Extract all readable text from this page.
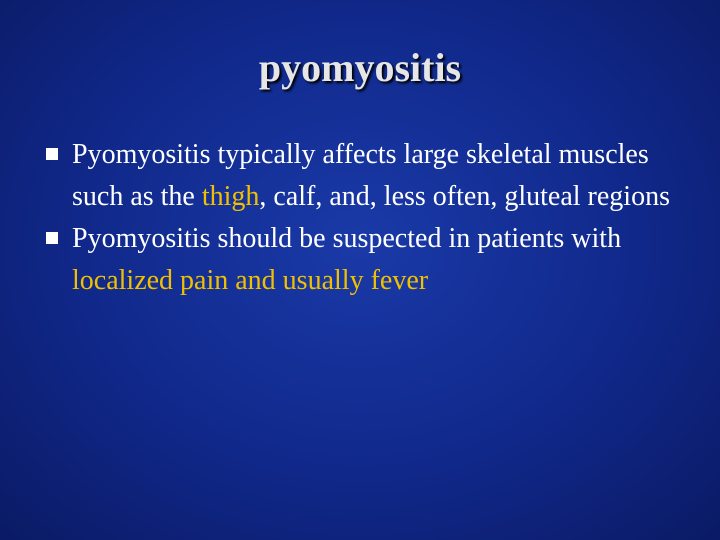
pyomyositis
Pyomyositis typically affects large skeletal muscles such as the thigh, calf, and, less often, gluteal regions
Pyomyositis should be suspected in patients with localized pain and usually fever
